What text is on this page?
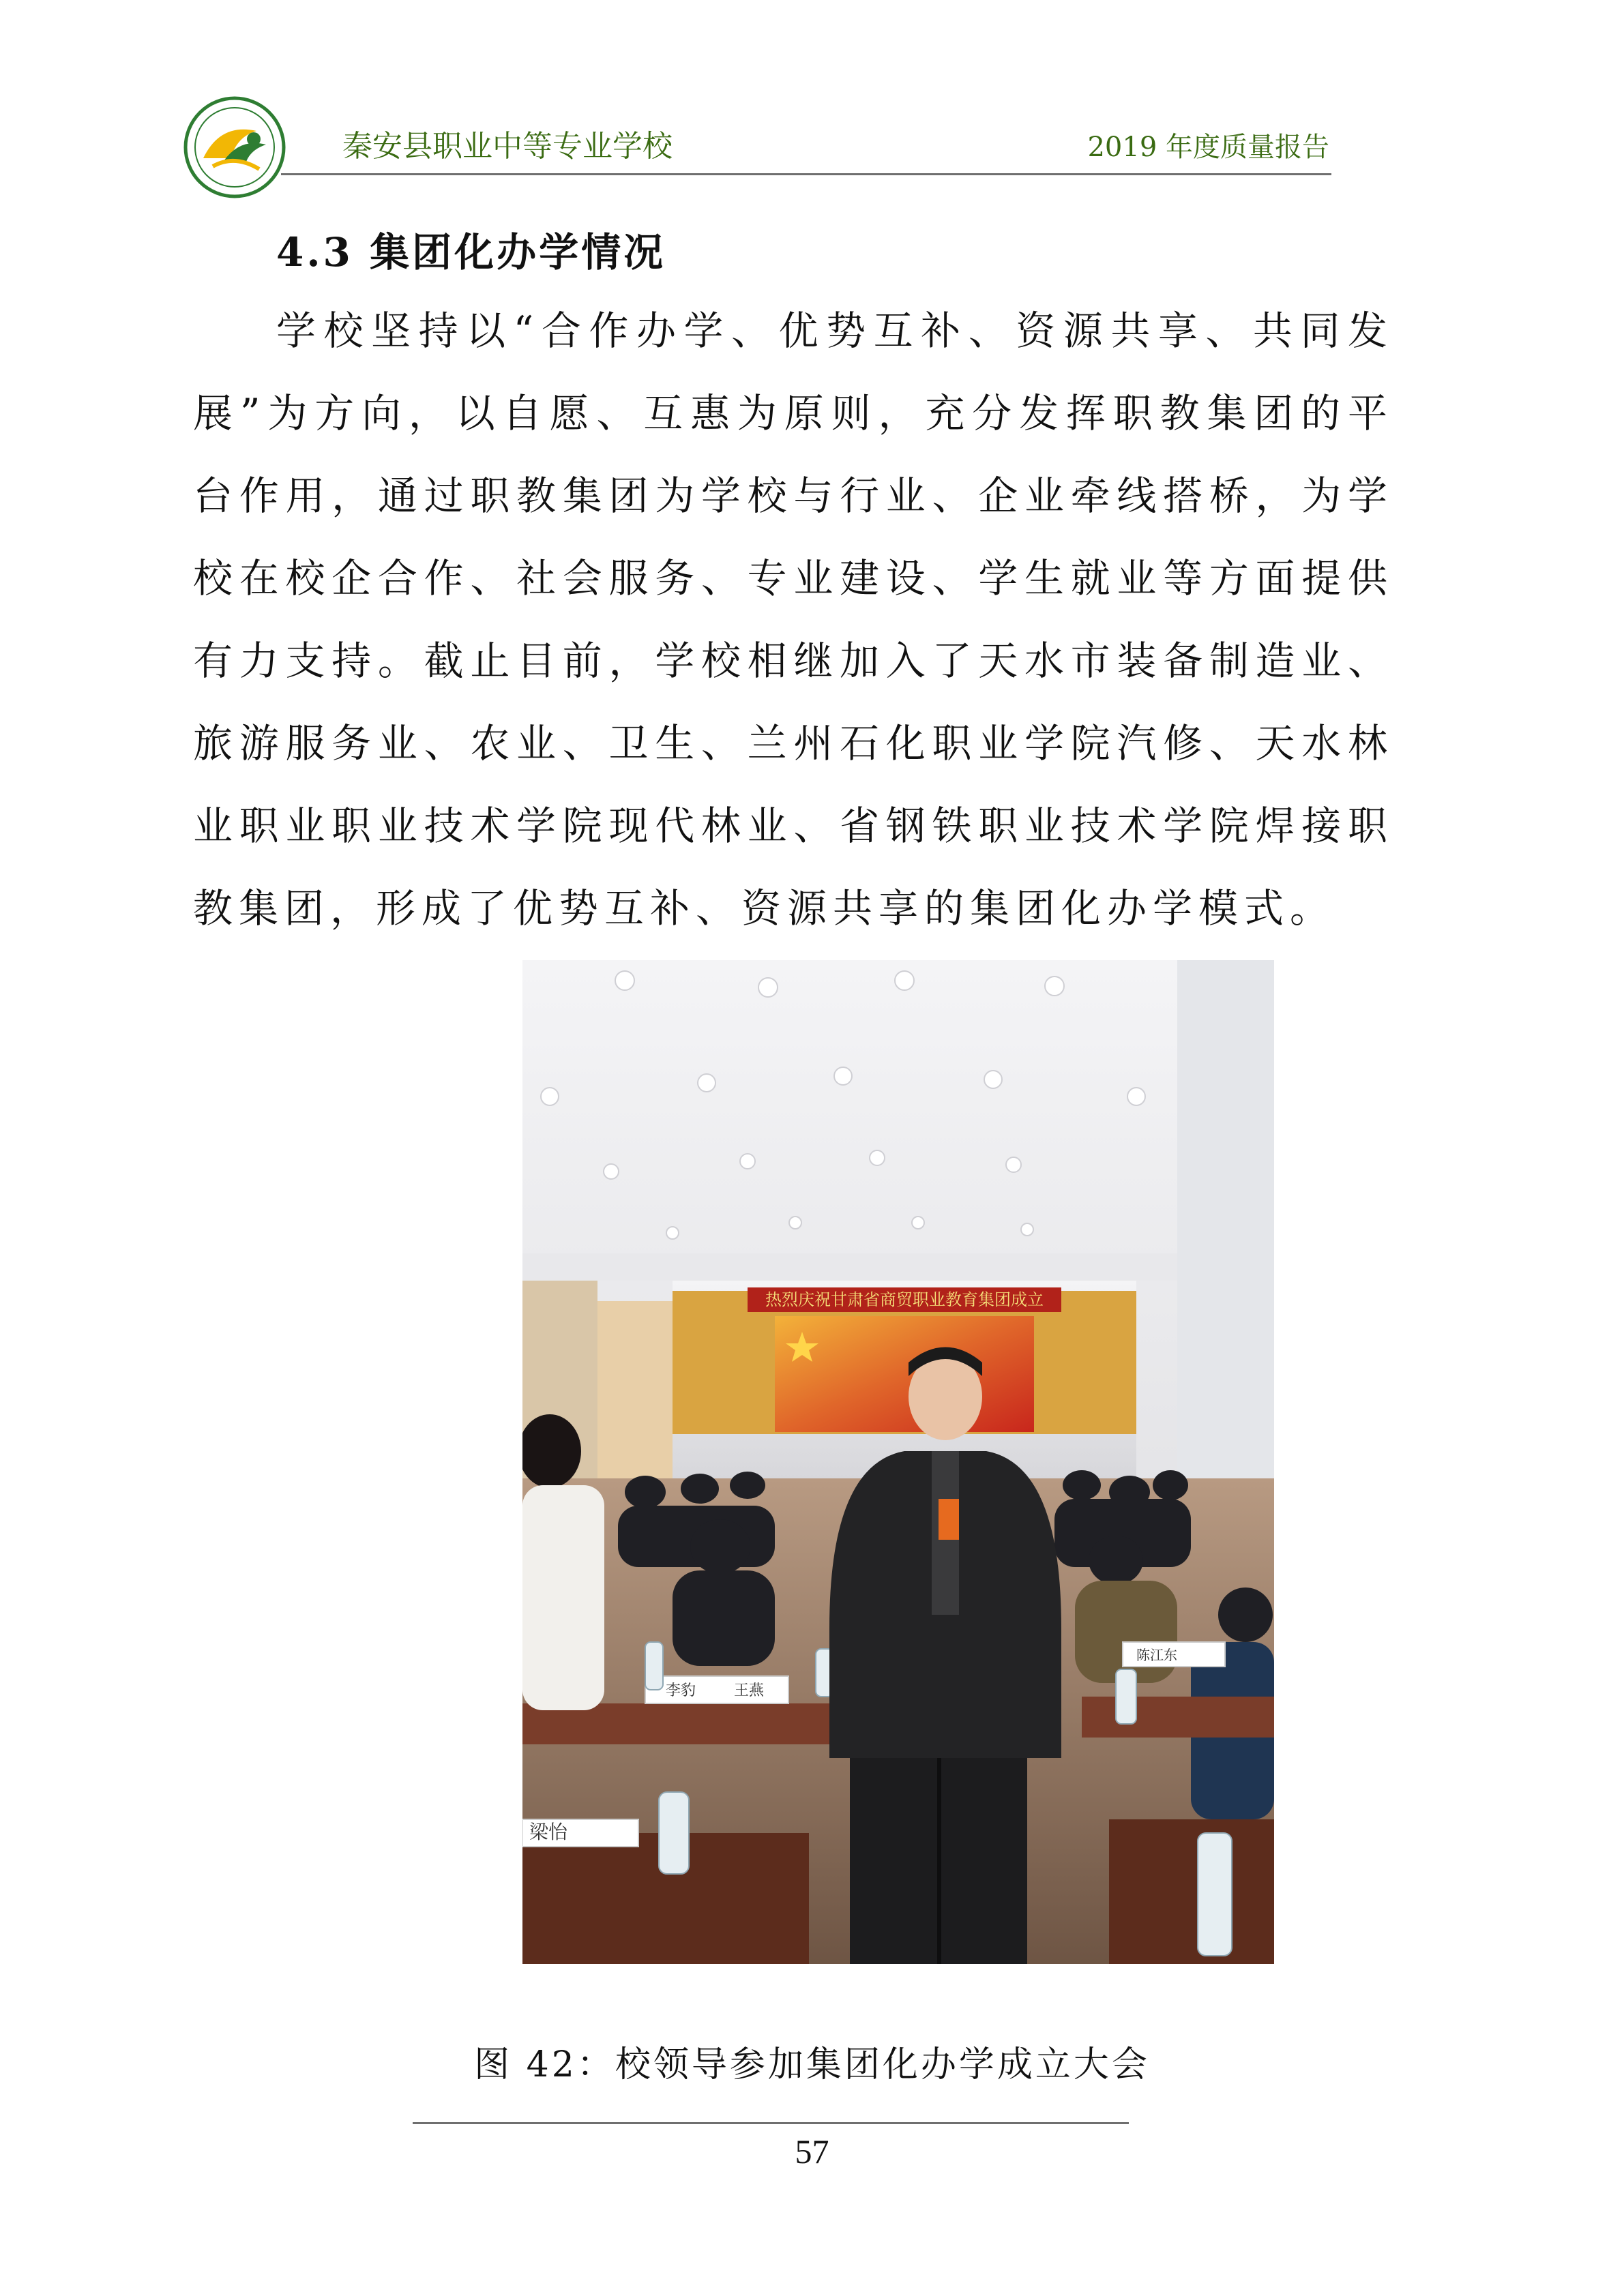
秦安县职业中等专业学校	2019 年度质量报告
4.3 集团化办学情况

学校坚持以“合作办学、优势互补、资源共享、共同发展”为方向，以自愿、互惠为原则，充分发挥职教集团的平台作用，通过职教集团为学校与行业、企业牵线搭桥，为学校在校企合作、社会服务、专业建设、学生就业等方面提供有力支持。截止目前，学校相继加入了天水市装备制造业、旅游服务业、农业、卫生、兰州石化职业学院汽修、天水林业职业职业技术学院现代林业、省钢铁职业技术学院焊接职教集团，形成了优势互补、资源共享的集团化办学模式。

热烈庆祝甘肃省商贸职业教育集团成立
李豹	王燕
梁怡
陈江东
图 42：校领导参加集团化办学成立大会
57
